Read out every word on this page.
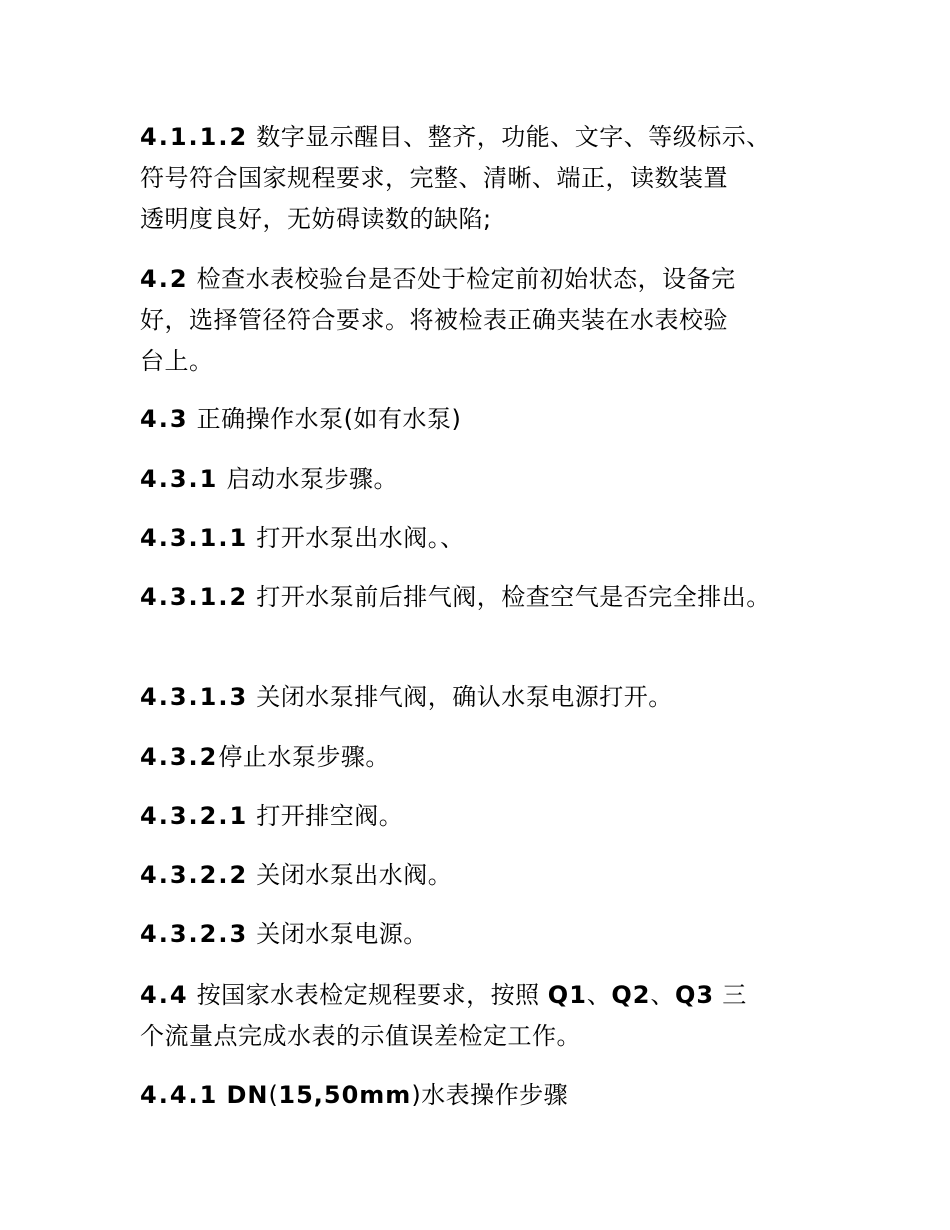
4.1.1.2 数字显示醒目、整齐，功能、文字、等级标示、
符号符合国家规程要求，完整、清晰、端正，读数装置
透明度良好，无妨碍读数的缺陷;
4.2 检查水表校验台是否处于检定前初始状态，设备完
好，选择管径符合要求。将被检表正确夹装在水表校验
台上。
4.3 正确操作水泵(如有水泵)
4.3.1 启动水泵步骤。
4.3.1.1 打开水泵出水阀。、
4.3.1.2 打开水泵前后排气阀，检查空气是否完全排出。
4.3.1.3 关闭水泵排气阀，确认水泵电源打开。
4.3.2停止水泵步骤。
4.3.2.1 打开排空阀。
4.3.2.2 关闭水泵出水阀。
4.3.2.3 关闭水泵电源。
4.4 按国家水表检定规程要求，按照 Q1、Q2、Q3 三
个流量点完成水表的示值误差检定工作。
4.4.1 DN(15,50mm)水表操作步骤
